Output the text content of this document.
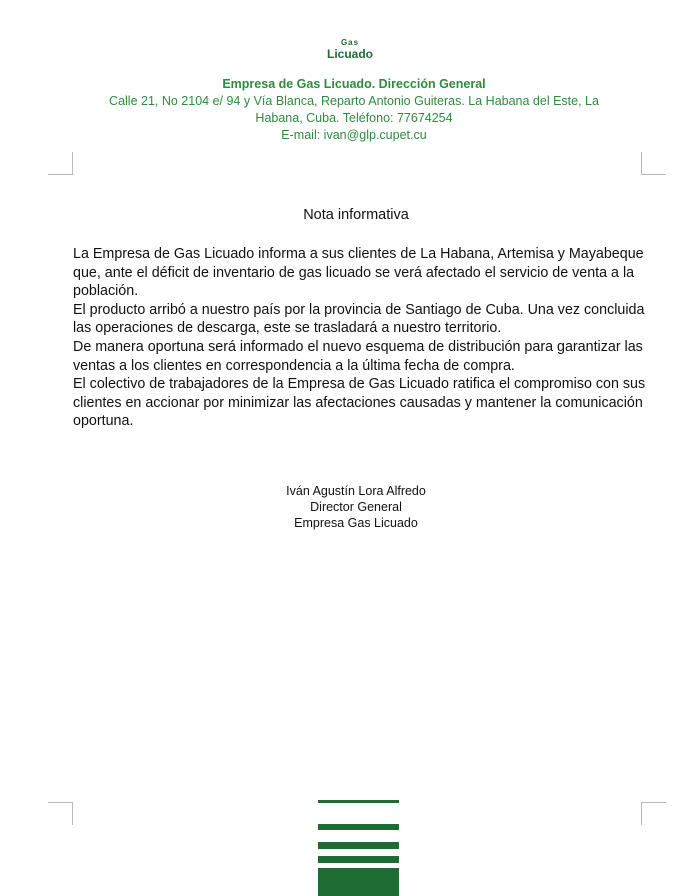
Gas
Licuado
Empresa de Gas Licuado. Dirección General
Calle 21, No 2104 e/ 94 y Vía Blanca, Reparto Antonio Guiteras. La Habana del Este, La
Habana, Cuba. Teléfono: 77674254
E-mail: ivan@glp.cupet.cu
Nota informativa

La Empresa de Gas Licuado informa a sus clientes de La Habana, Artemisa y Mayabeque que, ante el déficit de inventario de gas licuado se verá afectado el servicio de venta a la población.

El producto arribó a nuestro país por la provincia de Santiago de Cuba. Una vez concluida las operaciones de descarga, este se trasladará a nuestro territorio.

De manera oportuna será informado el nuevo esquema de distribución para garantizar las ventas a los clientes en correspondencia a la última fecha de compra.

El colectivo de trabajadores de la Empresa de Gas Licuado ratifica el compromiso con sus clientes en accionar por minimizar las afectaciones causadas y mantener la comunicación oportuna.

Iván Agustín Lora Alfredo
Director General
Empresa Gas Licuado
